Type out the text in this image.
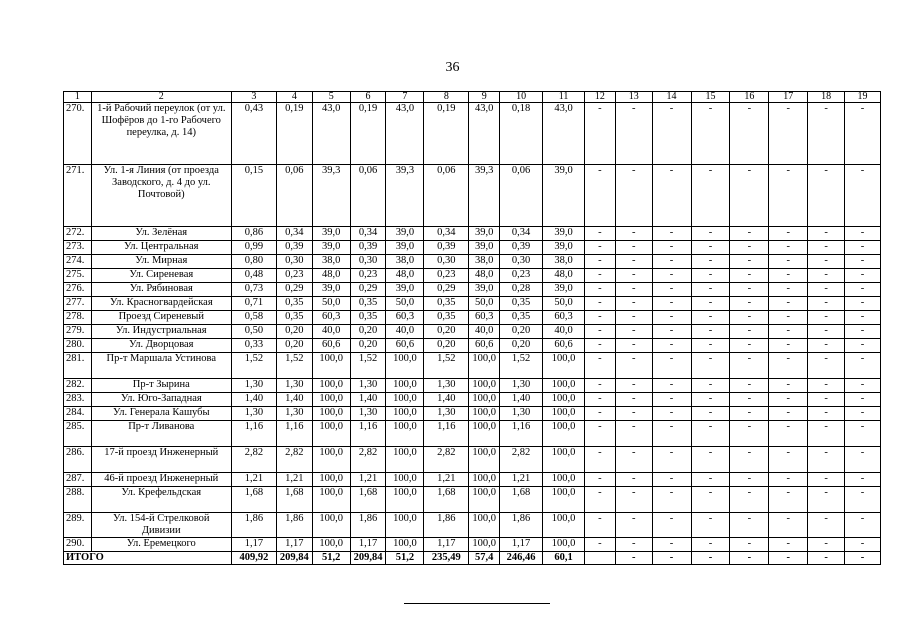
36
1	2	3	4	5	6	7	8	9	10	11	12	13	14	15	16	17	18	19
270.	1-й Рабочий переулок (от ул. Шофёров до 1-го Рабочего переулка, д. 14)	0,43	0,19	43,0	0,19	43,0	0,19	43,0	0,18	43,0	-	-	-	-	-	-	-	-
271.	Ул. 1-я Линия (от проезда Заводского, д. 4 до ул. Почтовой)	0,15	0,06	39,3	0,06	39,3	0,06	39,3	0,06	39,0	-	-	-	-	-	-	-	-
272.	Ул. Зелёная	0,86	0,34	39,0	0,34	39,0	0,34	39,0	0,34	39,0	-	-	-	-	-	-	-	-
273.	Ул. Центральная	0,99	0,39	39,0	0,39	39,0	0,39	39,0	0,39	39,0	-	-	-	-	-	-	-	-
274.	Ул. Мирная	0,80	0,30	38,0	0,30	38,0	0,30	38,0	0,30	38,0	-	-	-	-	-	-	-	-
275.	Ул. Сиреневая	0,48	0,23	48,0	0,23	48,0	0,23	48,0	0,23	48,0	-	-	-	-	-	-	-	-
276.	Ул. Рябиновая	0,73	0,29	39,0	0,29	39,0	0,29	39,0	0,28	39,0	-	-	-	-	-	-	-	-
277.	Ул. Красногвардейская	0,71	0,35	50,0	0,35	50,0	0,35	50,0	0,35	50,0	-	-	-	-	-	-	-	-
278.	Проезд Сиреневый	0,58	0,35	60,3	0,35	60,3	0,35	60,3	0,35	60,3	-	-	-	-	-	-	-	-
279.	Ул. Индустриальная	0,50	0,20	40,0	0,20	40,0	0,20	40,0	0,20	40,0	-	-	-	-	-	-	-	-
280.	Ул. Дворцовая	0,33	0,20	60,6	0,20	60,6	0,20	60,6	0,20	60,6	-	-	-	-	-	-	-	-
281.	Пр-т Маршала Устинова	1,52	1,52	100,0	1,52	100,0	1,52	100,0	1,52	100,0	-	-	-	-	-	-	-	-
282.	Пр-т Зырина	1,30	1,30	100,0	1,30	100,0	1,30	100,0	1,30	100,0	-	-	-	-	-	-	-	-
283.	Ул. Юго-Западная	1,40	1,40	100,0	1,40	100,0	1,40	100,0	1,40	100,0	-	-	-	-	-	-	-	-
284.	Ул. Генерала Кашубы	1,30	1,30	100,0	1,30	100,0	1,30	100,0	1,30	100,0	-	-	-	-	-	-	-	-
285.	Пр-т Ливанова	1,16	1,16	100,0	1,16	100,0	1,16	100,0	1,16	100,0	-	-	-	-	-	-	-	-
286.	17-й проезд Инженерный	2,82	2,82	100,0	2,82	100,0	2,82	100,0	2,82	100,0	-	-	-	-	-	-	-	-
287.	46-й проезд Инженерный	1,21	1,21	100,0	1,21	100,0	1,21	100,0	1,21	100,0	-	-	-	-	-	-	-	-
288.	Ул. Крефельдская	1,68	1,68	100,0	1,68	100,0	1,68	100,0	1,68	100,0	-	-	-	-	-	-	-	-
289.	Ул. 154-й Стрелковой Дивизии	1,86	1,86	100,0	1,86	100,0	1,86	100,0	1,86	100,0	-	-	-	-	-	-	-	-
290.	Ул. Еремецкого	1,17	1,17	100,0	1,17	100,0	1,17	100,0	1,17	100,0	-	-	-	-	-	-	-	-
ИТОГО		409,92	209,84	51,2	209,84	51,2	235,49	57,4	246,46	60,1		-	-	-	-	-	-	-
